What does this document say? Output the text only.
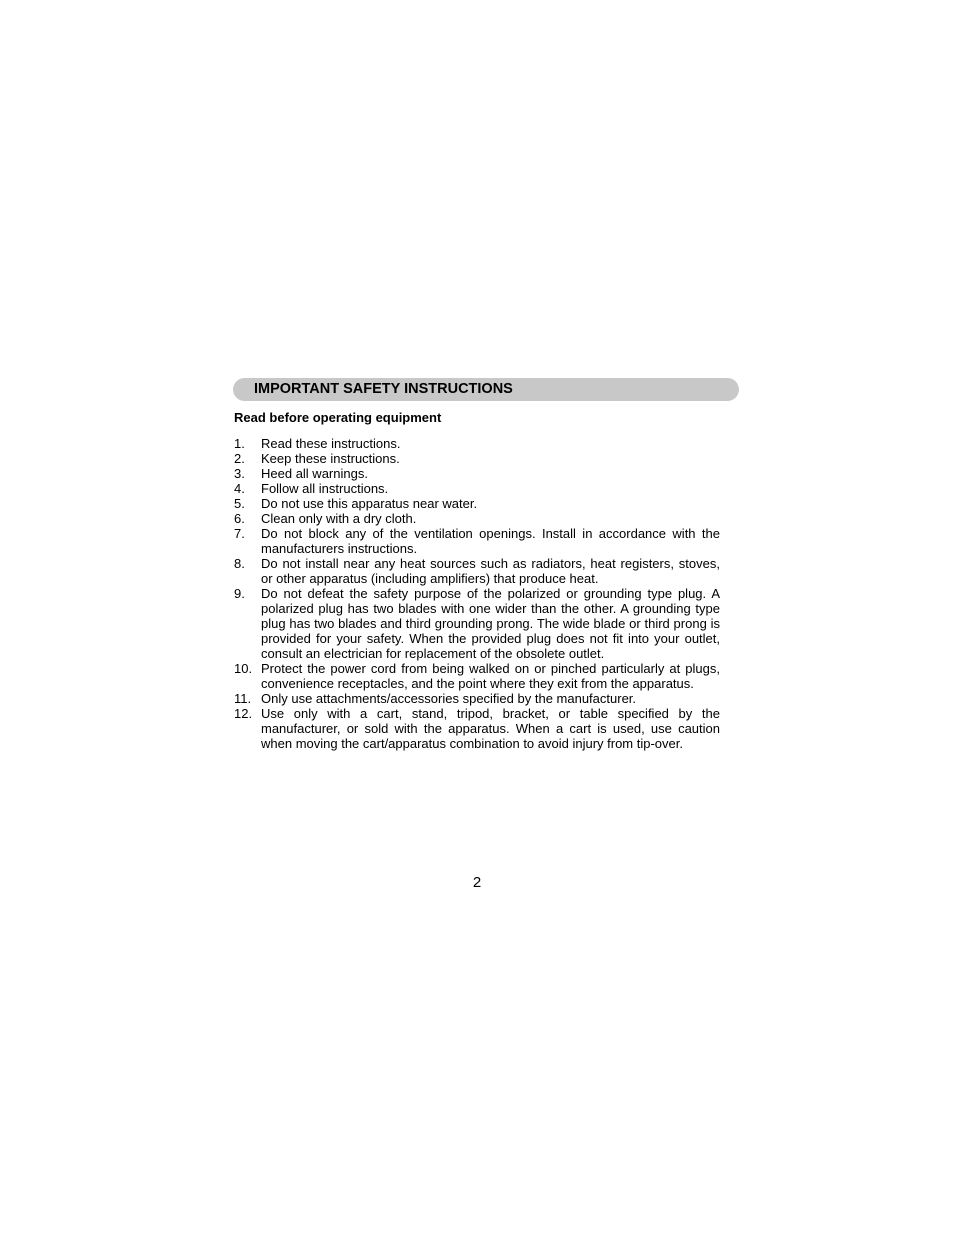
IMPORTANT SAFETY INSTRUCTIONS
Read before operating equipment
1. Read these instructions.
2. Keep these instructions.
3. Heed all warnings.
4. Follow all instructions.
5. Do not use this apparatus near water.
6. Clean only with a dry cloth.
7. Do not block any of the ventilation openings. Install in accordance with the manufacturers instructions.
8. Do not install near any heat sources such as radiators, heat registers, stoves, or other apparatus (including amplifiers) that produce heat.
9. Do not defeat the safety purpose of the polarized or grounding type plug. A polarized plug has two blades with one wider than the other. A grounding type plug has two blades and third grounding prong. The wide blade or third prong is provided for your safety. When the provided plug does not fit into your outlet, consult an electrician for replacement of the obsolete outlet.
10. Protect the power cord from being walked on or pinched particularly at plugs, convenience receptacles, and the point where they exit from the apparatus.
11. Only use attachments/accessories specified by the manufacturer.
12. Use only with a cart, stand, tripod, bracket, or table specified by the manufacturer, or sold with the apparatus. When a cart is used, use caution when moving the cart/apparatus combination to avoid injury from tip-over.
2
